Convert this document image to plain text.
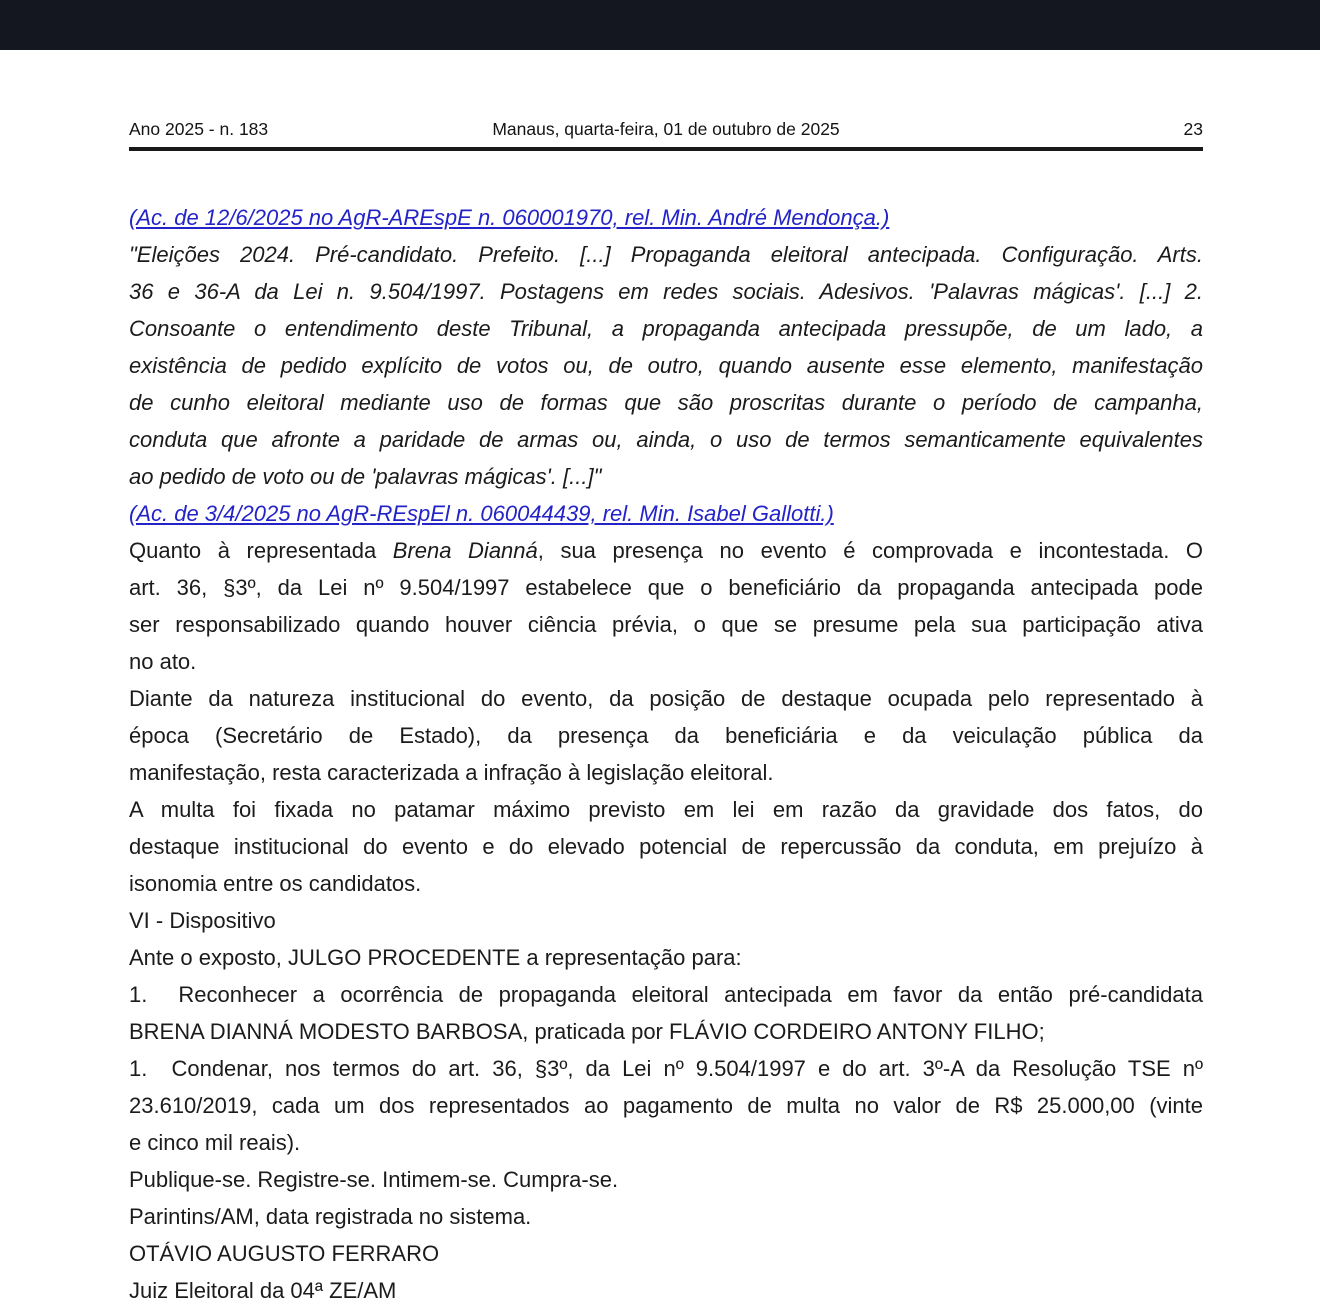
Ano 2025 - n. 183	Manaus, quarta-feira, 01 de outubro de 2025	23
(Ac. de 12/6/2025 no AgR-AREspE n. 060001970, rel. Min. André Mendonça.)
"Eleições 2024. Pré-candidato. Prefeito. [...] Propaganda eleitoral antecipada. Configuração. Arts.
36 e 36-A da Lei n. 9.504/1997. Postagens em redes sociais. Adesivos. 'Palavras mágicas'. [...] 2.
Consoante o entendimento deste Tribunal, a propaganda antecipada pressupõe, de um lado, a
existência de pedido explícito de votos ou, de outro, quando ausente esse elemento, manifestação
de cunho eleitoral mediante uso de formas que são proscritas durante o período de campanha,
conduta que afronte a paridade de armas ou, ainda, o uso de termos semanticamente equivalentes
ao pedido de voto ou de 'palavras mágicas'. [...]"
(Ac. de 3/4/2025 no AgR-REspEl n. 060044439, rel. Min. Isabel Gallotti.)
Quanto à representada Brena Dianná, sua presença no evento é comprovada e incontestada. O
art. 36, §3º, da Lei nº 9.504/1997 estabelece que o beneficiário da propaganda antecipada pode
ser responsabilizado quando houver ciência prévia, o que se presume pela sua participação ativa
no ato.
Diante da natureza institucional do evento, da posição de destaque ocupada pelo representado à
época (Secretário de Estado), da presença da beneficiária e da veiculação pública da
manifestação, resta caracterizada a infração à legislação eleitoral.
A multa foi fixada no patamar máximo previsto em lei em razão da gravidade dos fatos, do
destaque institucional do evento e do elevado potencial de repercussão da conduta, em prejuízo à
isonomia entre os candidatos.
VI - Dispositivo
Ante o exposto, JULGO PROCEDENTE a representação para:
1.  Reconhecer a ocorrência de propaganda eleitoral antecipada em favor da então pré-candidata
BRENA DIANNÁ MODESTO BARBOSA, praticada por FLÁVIO CORDEIRO ANTONY FILHO;
1.  Condenar, nos termos do art. 36, §3º, da Lei nº 9.504/1997 e do art. 3º-A da Resolução TSE nº
23.610/2019, cada um dos representados ao pagamento de multa no valor de R$ 25.000,00 (vinte
e cinco mil reais).
Publique-se. Registre-se. Intimem-se. Cumpra-se.
Parintins/AM, data registrada no sistema.
OTÁVIO AUGUSTO FERRARO
Juiz Eleitoral da 04ª ZE/AM
